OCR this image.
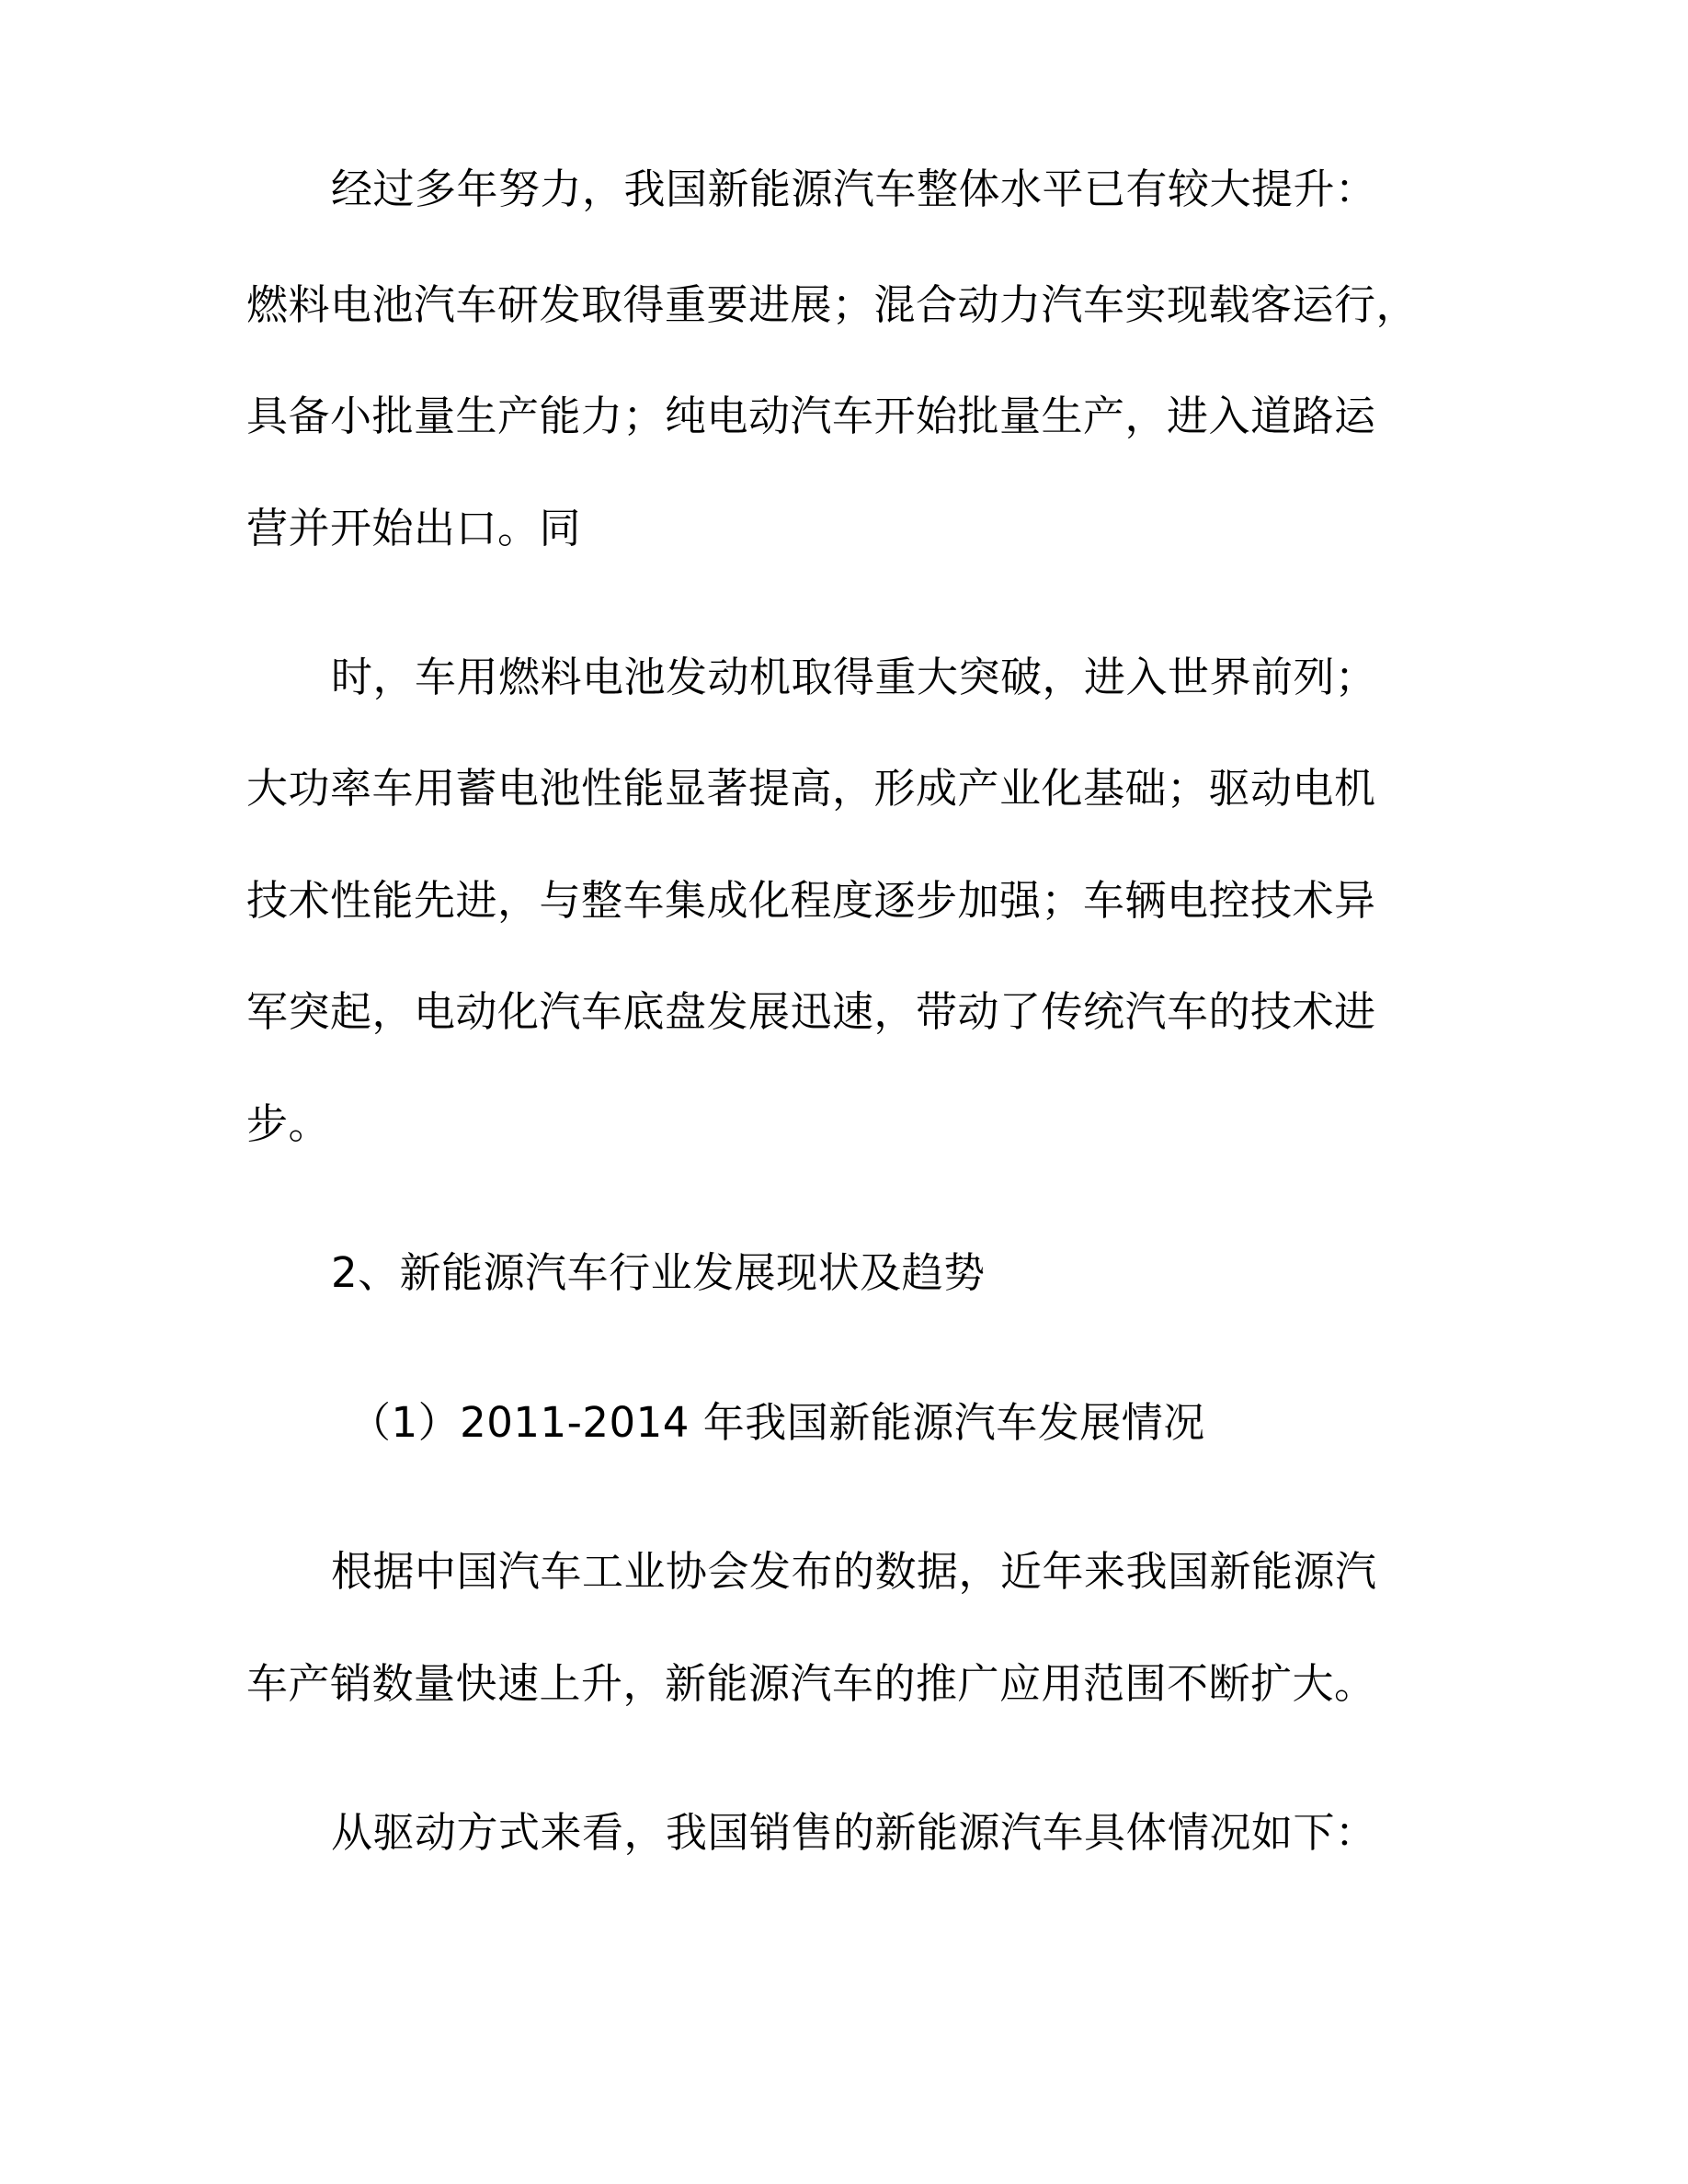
经过多年努力，我国新能源汽车整体水平已有较大提升：
燃料电池汽车研发取得重要进展；混合动力汽车实现载客运行，
具备小批量生产能力；纯电动汽车开始批量生产，进入道路运
营并开始出口。同
时，车用燃料电池发动机取得重大突破，进入世界前列；
大功率车用蓄电池性能显著提高，形成产业化基础；驱动电机
技术性能先进，与整车集成化程度逐步加强；车辆电控技术异
军突起，电动化汽车底盘发展迅速，带动了传统汽车的技术进
步。
2、新能源汽车行业发展现状及趋势
（1）2011-2014 年我国新能源汽车发展情况
根据中国汽车工业协会发布的数据，近年来我国新能源汽
车产销数量快速上升，新能源汽车的推广应用范围不断扩大。
从驱动方式来看，我国销售的新能源汽车具体情况如下：
